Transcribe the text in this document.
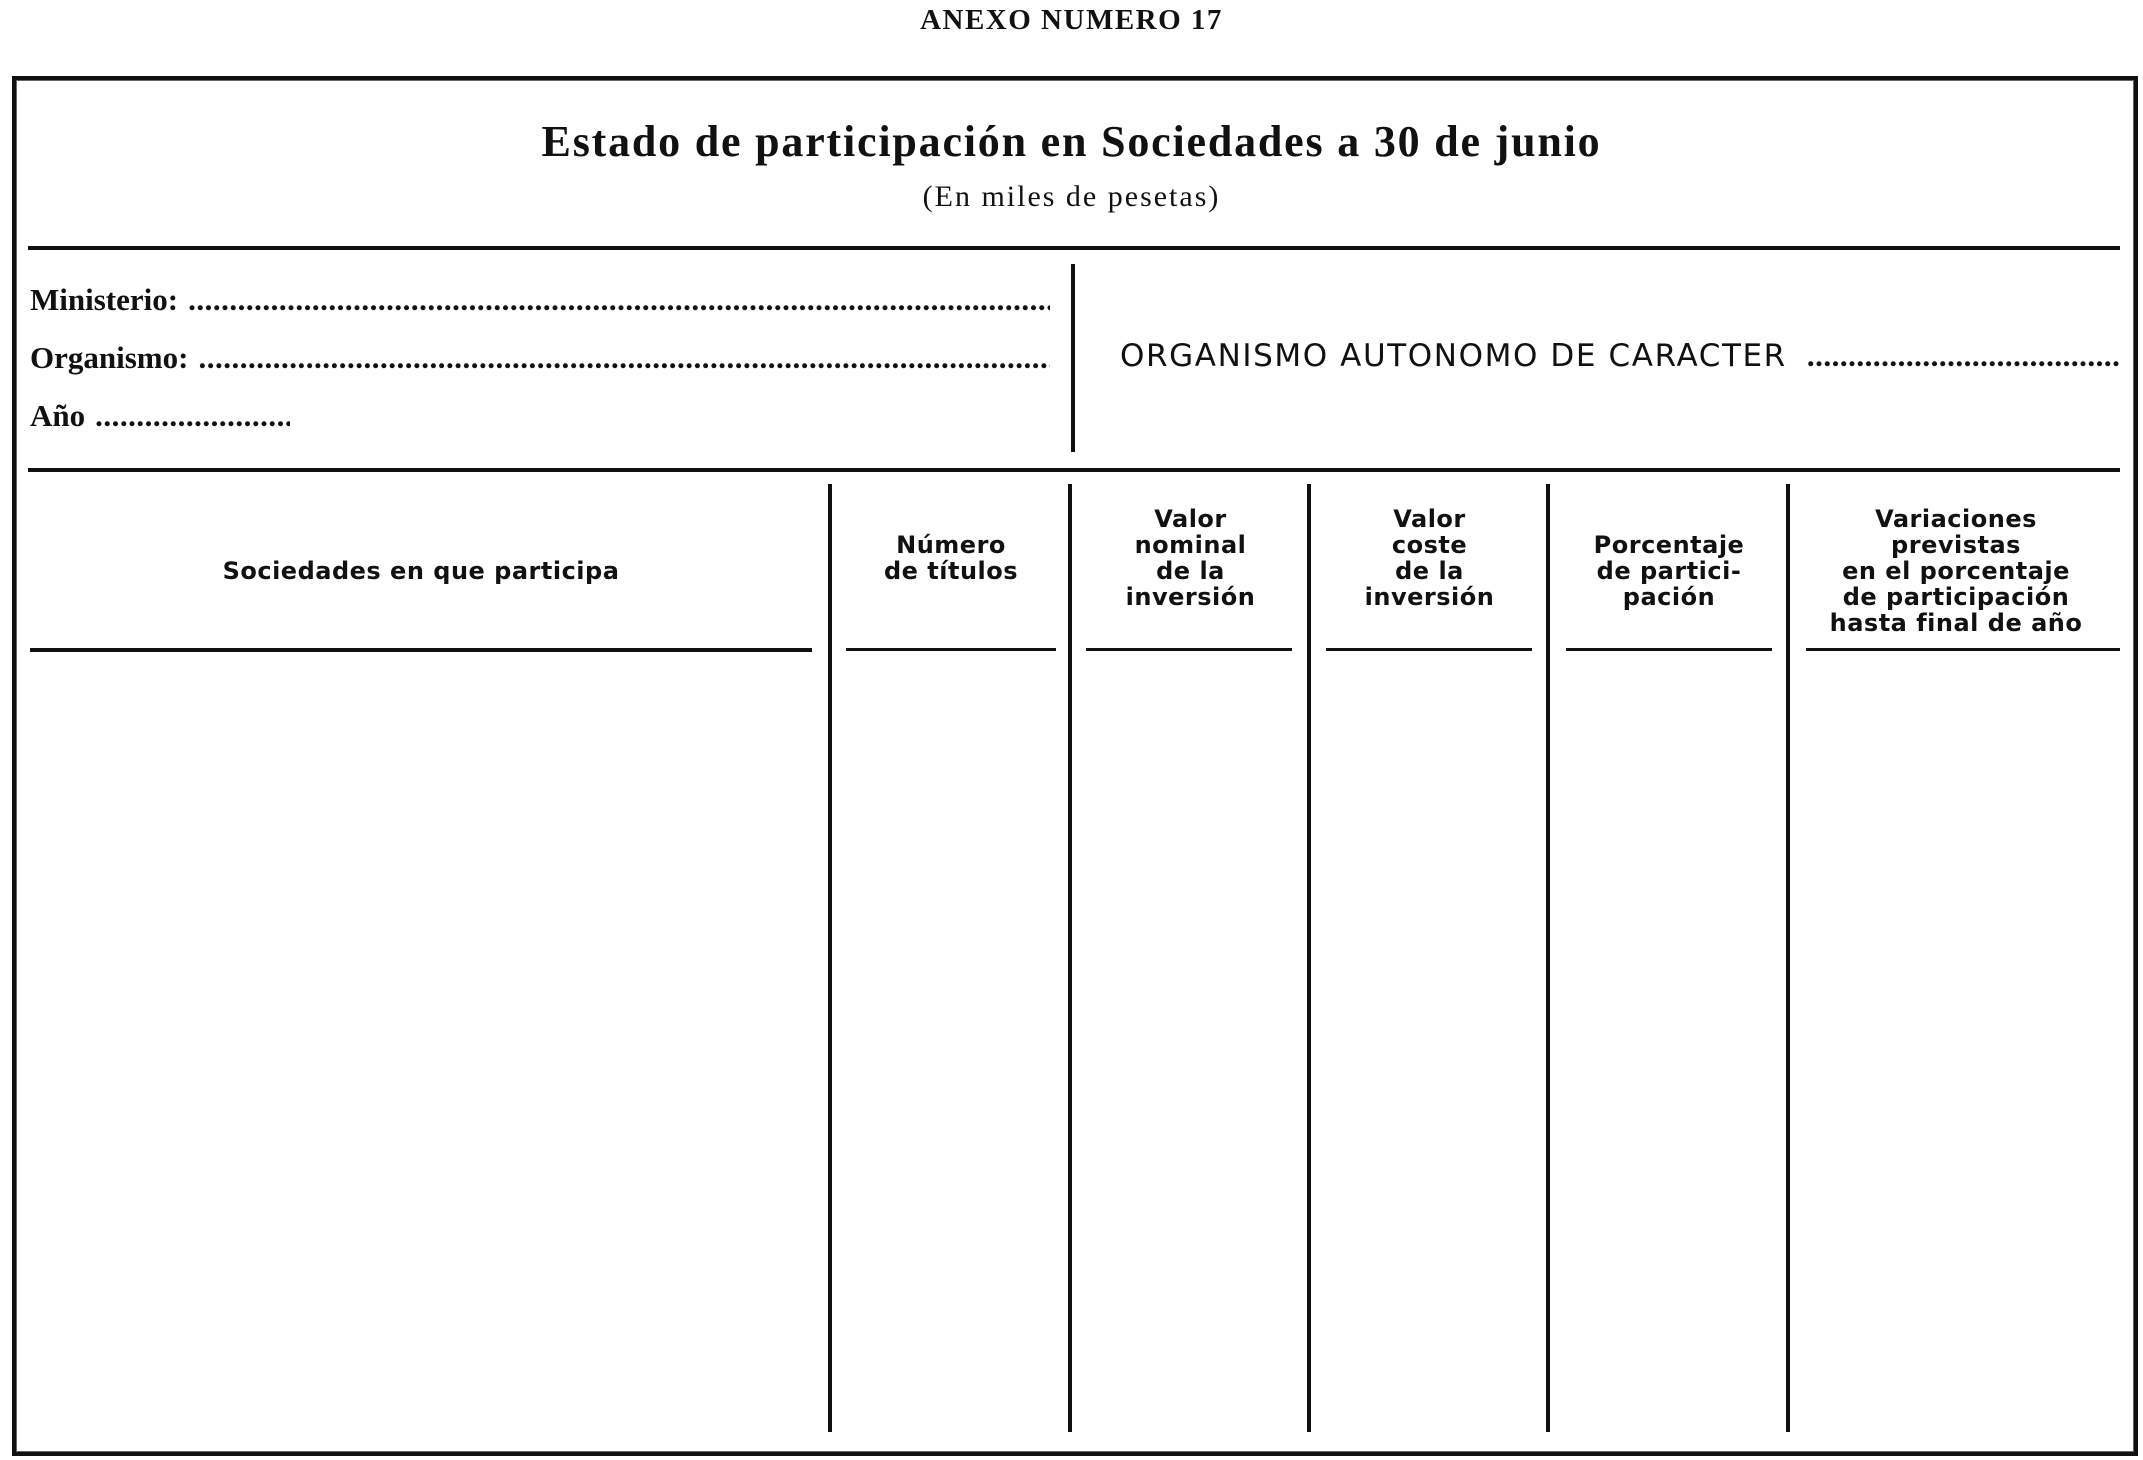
ANEXO NUMERO 17
Estado de participación en Sociedades a 30 de junio
(En miles de pesetas)
Ministerio:
.....
Organismo:
.....
Año
.....
ORGANISMO AUTONOMO DE CARACTER
.....
Sociedades en que participa
Número
de títulos
Valor
nominal
de la
inversión
Valor
coste
de la
inversión
Porcentaje
de partici-
pación
Variaciones
previstas
en el porcentaje
de participación
hasta final de año
